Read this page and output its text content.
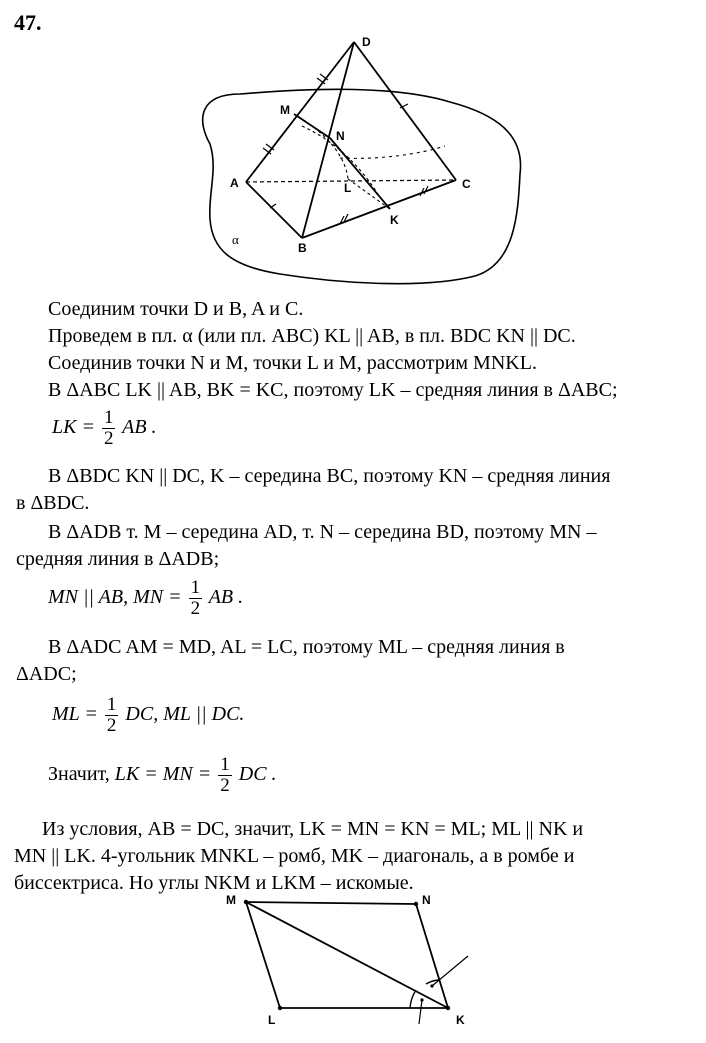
47.
D
M
N
A	L	C
K
B
α
Соединим точки D и B, A и C.
Проведем в пл. α (или пл. ABC) KL || AB, в пл. BDC KN || DC.
Соединив точки N и M, точки L и M, рассмотрим MNKL.
В ΔABC LK || AB, BK = KC, поэтому LK – средняя линия в ΔABC;
LK = $\frac{1}{2}$ AB .
В ΔBDC KN || DC, K – середина BC, поэтому KN – средняя линия
в ΔBDC.
В ΔADB т. M – середина AD, т. N – середина BD, поэтому MN –
средняя линия в ΔADB;
MN || AB, MN = $\frac{1}{2}$ AB .
В ΔADC AM = MD, AL = LC, поэтому ML – средняя линия в
ΔADC;
ML = $\frac{1}{2}$ DC, ML || DC.
Значит, LK = MN = $\frac{1}{2}$ DC .
Из условия, AB = DC, значит, LK = MN = KN = ML; ML || NK и
MN || LK. 4-угольник MNKL – ромб, MK – диагональ, а в ромбе и
биссектриса. Но углы NKM и LKM – искомые.
M	N
L	K
